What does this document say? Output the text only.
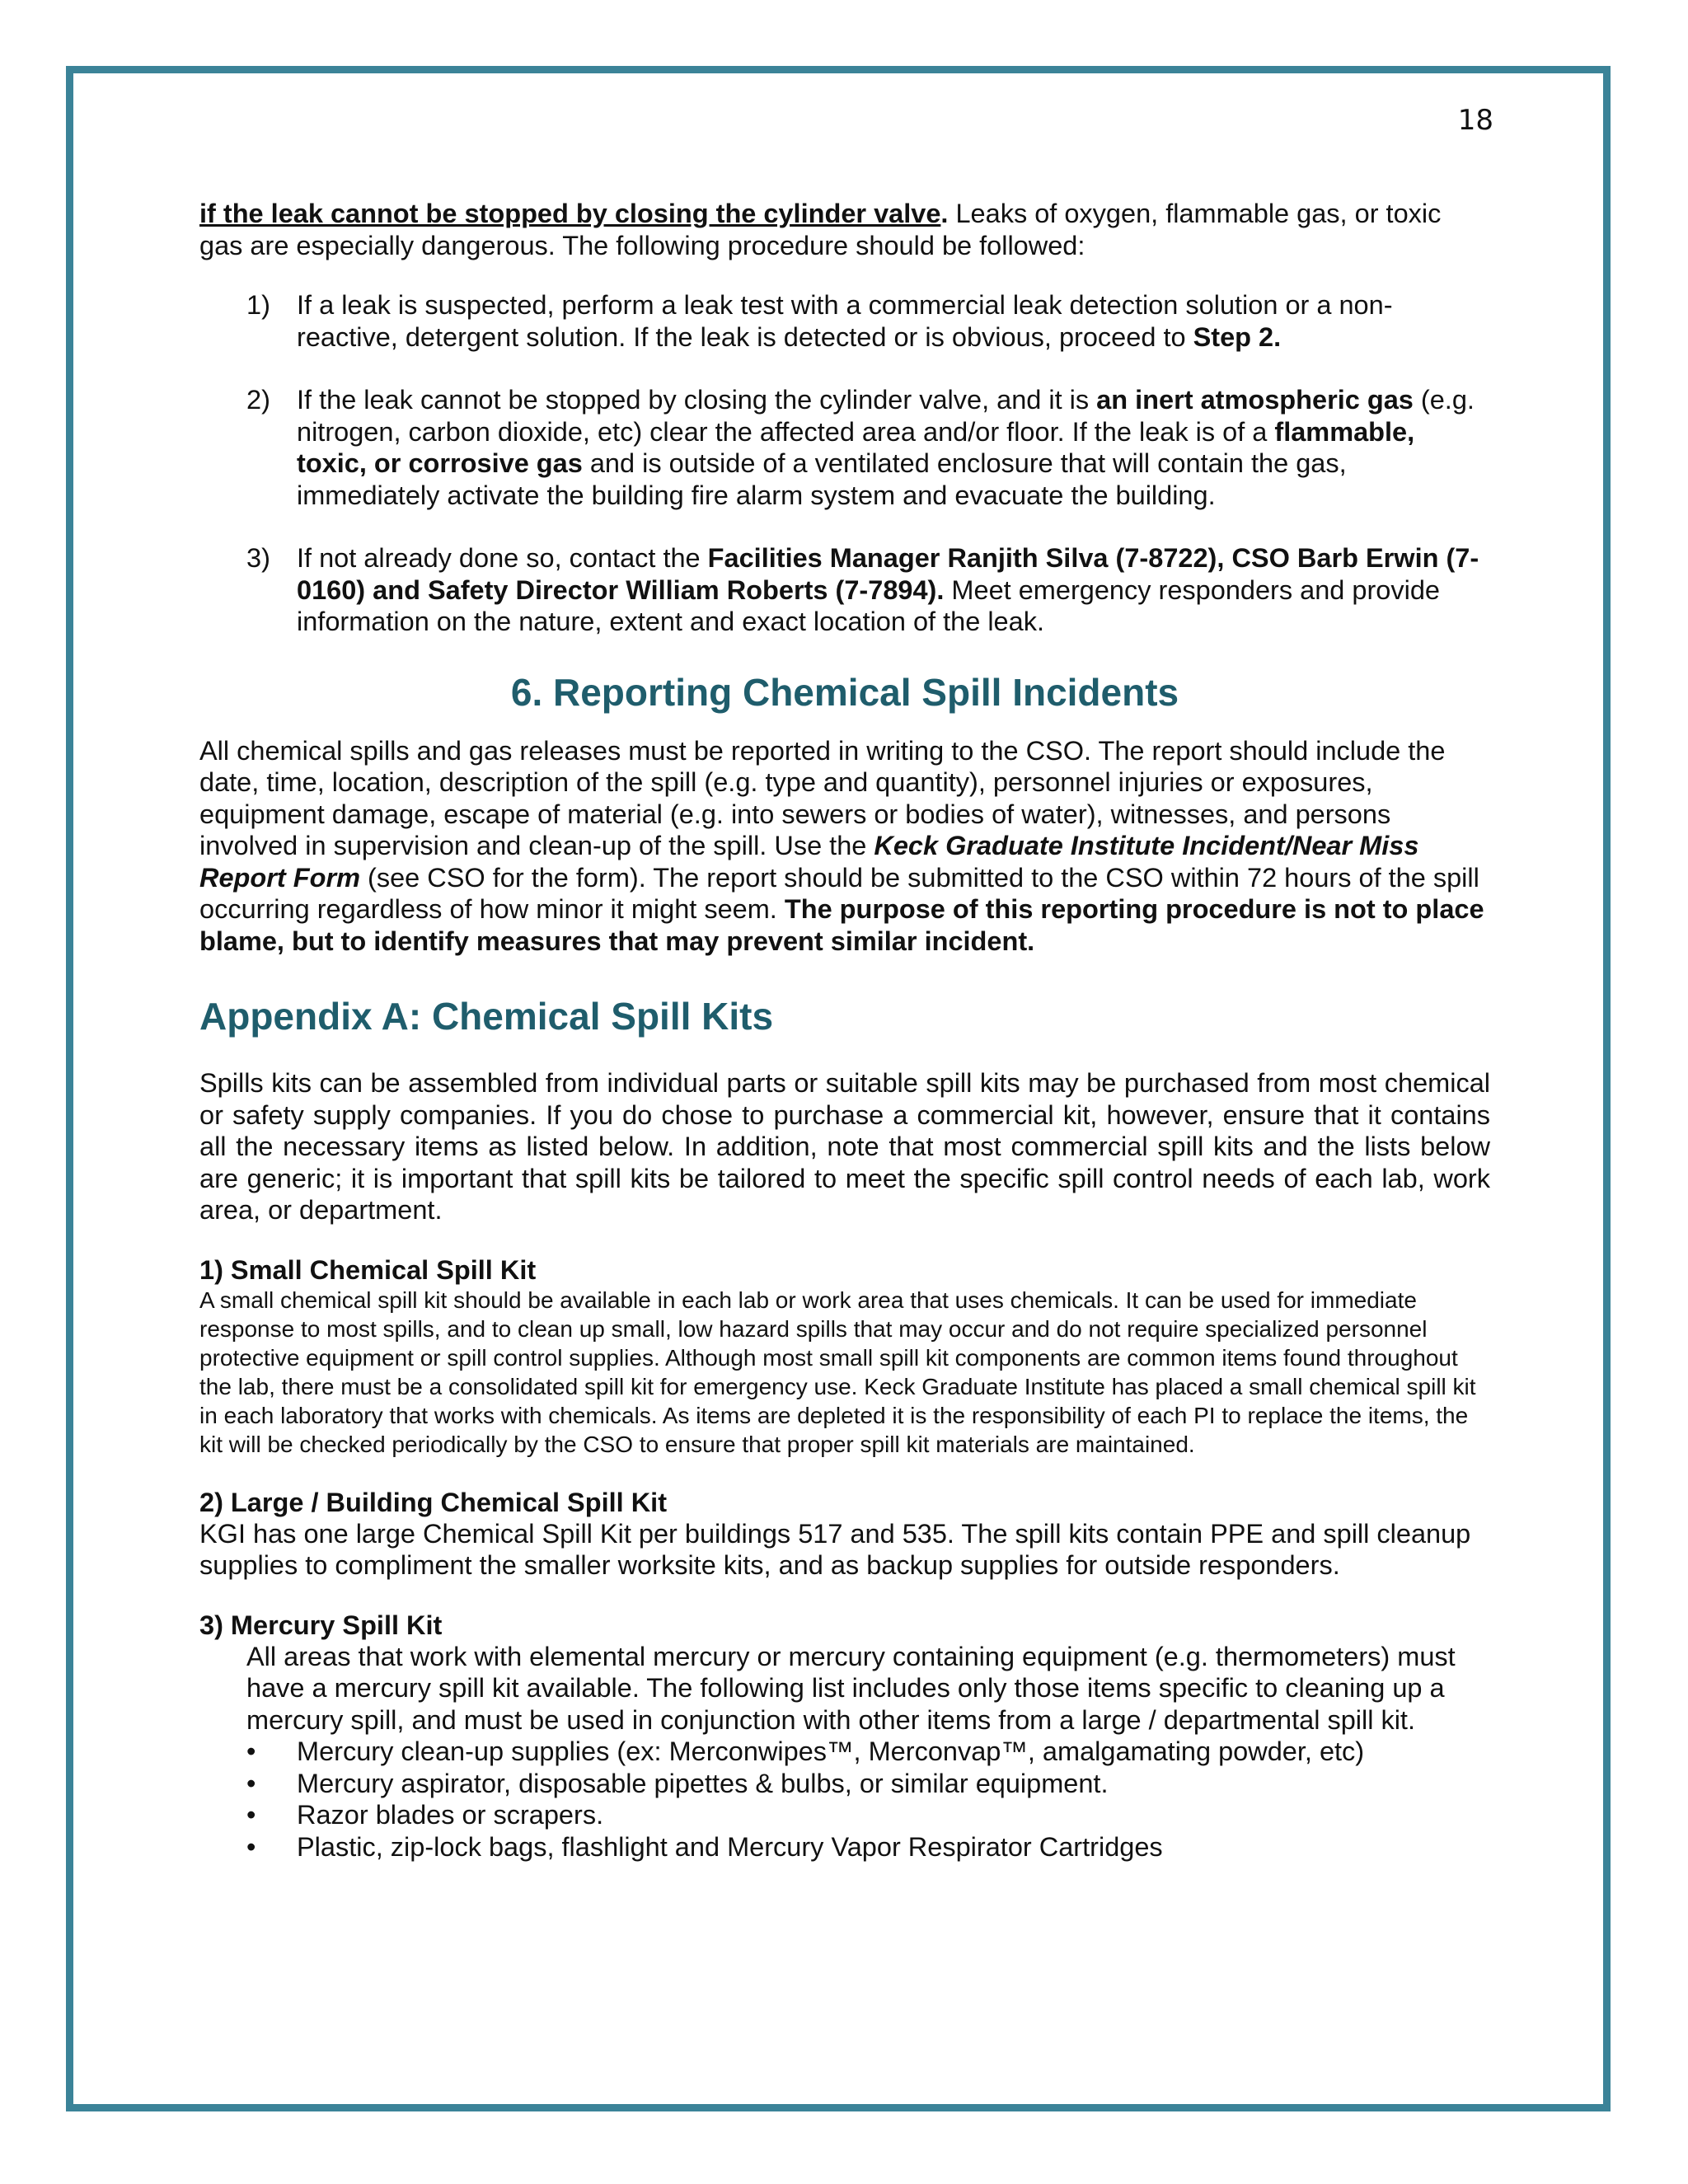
18

if the leak cannot be stopped by closing the cylinder valve. Leaks of oxygen, flammable gas, or toxic gas are especially dangerous. The following procedure should be followed:

1) If a leak is suspected, perform a leak test with a commercial leak detection solution or a non-reactive, detergent solution. If the leak is detected or is obvious, proceed to Step 2.
2) If the leak cannot be stopped by closing the cylinder valve, and it is an inert atmospheric gas (e.g. nitrogen, carbon dioxide, etc) clear the affected area and/or floor. If the leak is of a flammable, toxic, or corrosive gas and is outside of a ventilated enclosure that will contain the gas, immediately activate the building fire alarm system and evacuate the building.
3) If not already done so, contact the Facilities Manager Ranjith Silva (7-8722), CSO Barb Erwin (7-0160) and Safety Director William Roberts (7-7894). Meet emergency responders and provide information on the nature, extent and exact location of the leak.
6. Reporting Chemical Spill Incidents

All chemical spills and gas releases must be reported in writing to the CSO. The report should include the date, time, location, description of the spill (e.g. type and quantity), personnel injuries or exposures, equipment damage, escape of material (e.g. into sewers or bodies of water), witnesses, and persons involved in supervision and clean-up of the spill. Use the Keck Graduate Institute Incident/Near Miss Report Form (see CSO for the form). The report should be submitted to the CSO within 72 hours of the spill occurring regardless of how minor it might seem. The purpose of this reporting procedure is not to place blame, but to identify measures that may prevent similar incident.

Appendix A: Chemical Spill Kits

Spills kits can be assembled from individual parts or suitable spill kits may be purchased from most chemical or safety supply companies. If you do chose to purchase a commercial kit, however, ensure that it contains all the necessary items as listed below. In addition, note that most commercial spill kits and the lists below are generic; it is important that spill kits be tailored to meet the specific spill control needs of each lab, work area, or department.

1) Small Chemical Spill Kit

A small chemical spill kit should be available in each lab or work area that uses chemicals. It can be used for immediate response to most spills, and to clean up small, low hazard spills that may occur and do not require specialized personnel protective equipment or spill control supplies. Although most small spill kit components are common items found throughout the lab, there must be a consolidated spill kit for emergency use. Keck Graduate Institute has placed a small chemical spill kit in each laboratory that works with chemicals. As items are depleted it is the responsibility of each PI to replace the items, the kit will be checked periodically by the CSO to ensure that proper spill kit materials are maintained.

2) Large / Building Chemical Spill Kit

KGI has one large Chemical Spill Kit per buildings 517 and 535. The spill kits contain PPE and spill cleanup supplies to compliment the smaller worksite kits, and as backup supplies for outside responders.

3) Mercury Spill Kit

All areas that work with elemental mercury or mercury containing equipment (e.g. thermometers) must have a mercury spill kit available. The following list includes only those items specific to cleaning up a mercury spill, and must be used in conjunction with other items from a large / departmental spill kit.

• Mercury clean-up supplies (ex: Merconwipes™, Merconvap™, amalgamating powder, etc)
• Mercury aspirator, disposable pipettes & bulbs, or similar equipment.
• Razor blades or scrapers.
• Plastic, zip-lock bags, flashlight and Mercury Vapor Respirator Cartridges
